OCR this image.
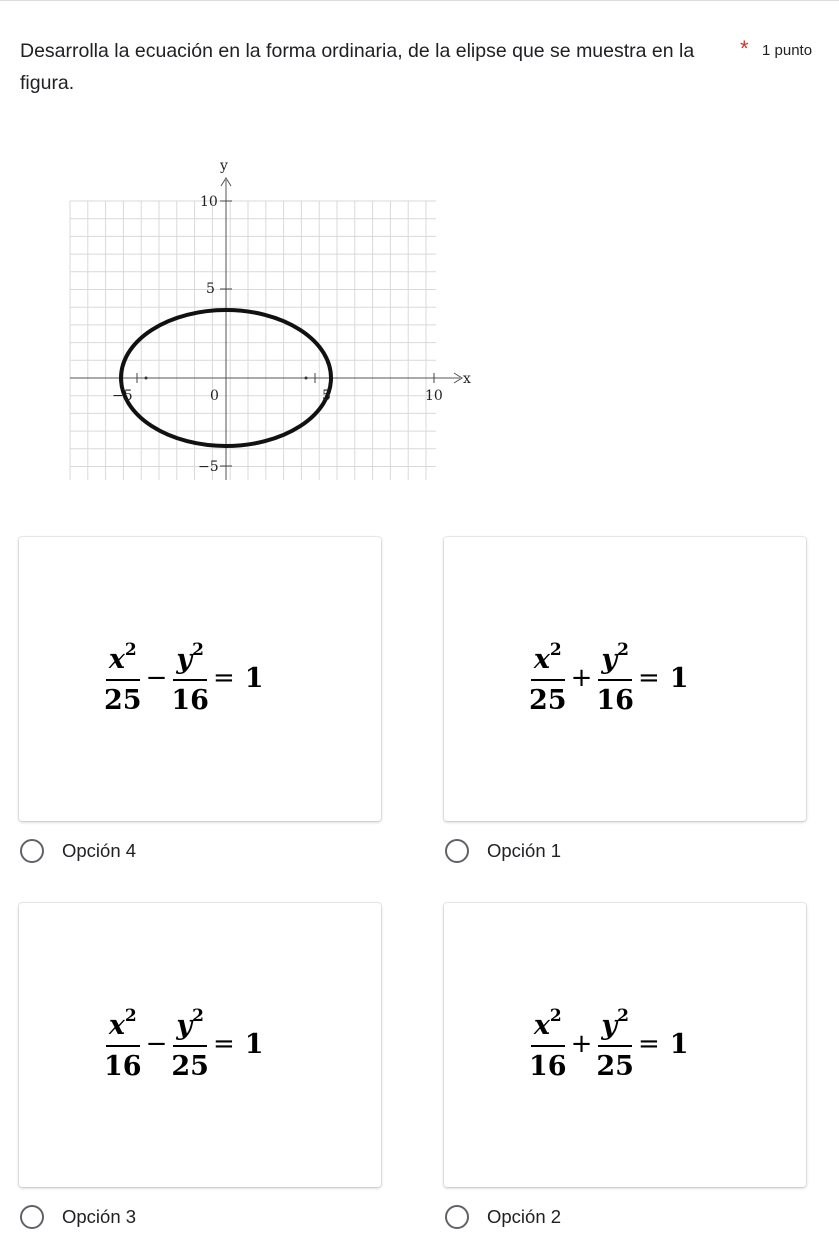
Desarrolla la ecuación en la forma ordinaria, de la elipse que se muestra en la figura.
* 1 punto
y
x
10
5
0
−5
−5	5	10
$\frac{x^2}{25} - \frac{y^2}{16} = 1$	$\frac{x^2}{25} + \frac{y^2}{16} = 1$
Opción 4	Opción 1
$\frac{x^2}{16} - \frac{y^2}{25} = 1$	$\frac{x^2}{16} + \frac{y^2}{25} = 1$
Opción 3	Opción 2
